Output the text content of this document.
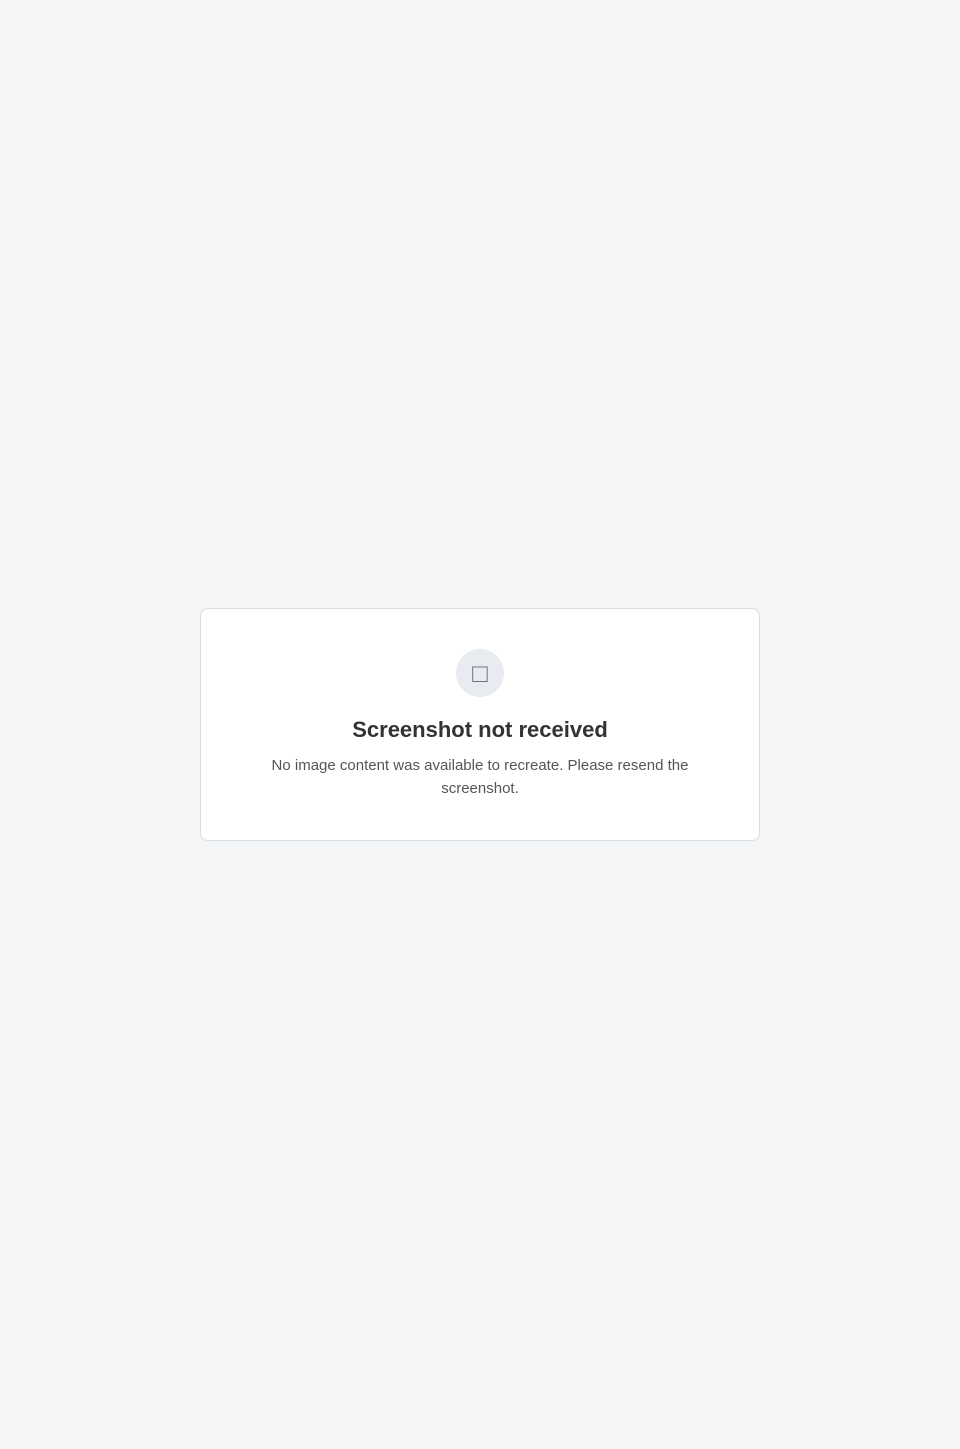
□
Screenshot not received

No image content was available to recreate. Please resend the screenshot.
